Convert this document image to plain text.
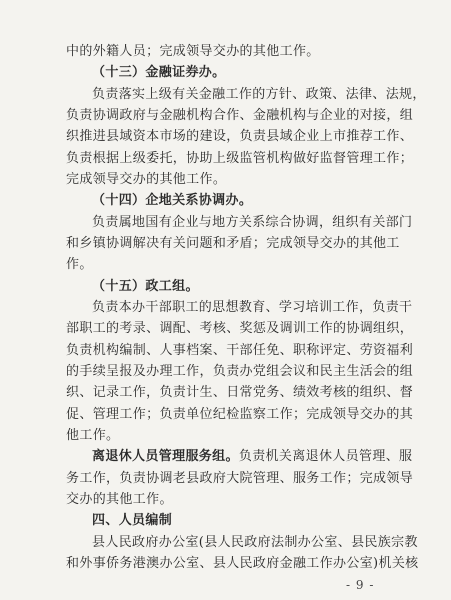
中的外籍人员；完成领导交办的其他工作。
（十三）金融证券办。
负责落实上级有关金融工作的方针、政策、法律、法规，
负责协调政府与金融机构合作、金融机构与企业的对接，组
织推进县域资本市场的建设，负责县域企业上市推荐工作、
负责根据上级委托，协助上级监管机构做好监督管理工作；
完成领导交办的其他工作。
（十四）企地关系协调办。
负责属地国有企业与地方关系综合协调，组织有关部门
和乡镇协调解决有关问题和矛盾；完成领导交办的其他工
作。
（十五）政工组。
负责本办干部职工的思想教育、学习培训工作，负责干
部职工的考录、调配、考核、奖惩及调训工作的协调组织，
负责机构编制、人事档案、干部任免、职称评定、劳资福利
的手续呈报及办理工作，负责办党组会议和民主生活会的组
织、记录工作，负责计生、日常党务、绩效考核的组织、督
促、管理工作；负责单位纪检监察工作；完成领导交办的其
他工作。
离退休人员管理服务组。负责机关离退休人员管理、服
务工作，负责协调老县政府大院管理、服务工作；完成领导
交办的其他工作。
四、人员编制
县人民政府办公室(县人民政府法制办公室、县民族宗教
和外事侨务港澳办公室、县人民政府金融工作办公室)机关核
- 9 -
